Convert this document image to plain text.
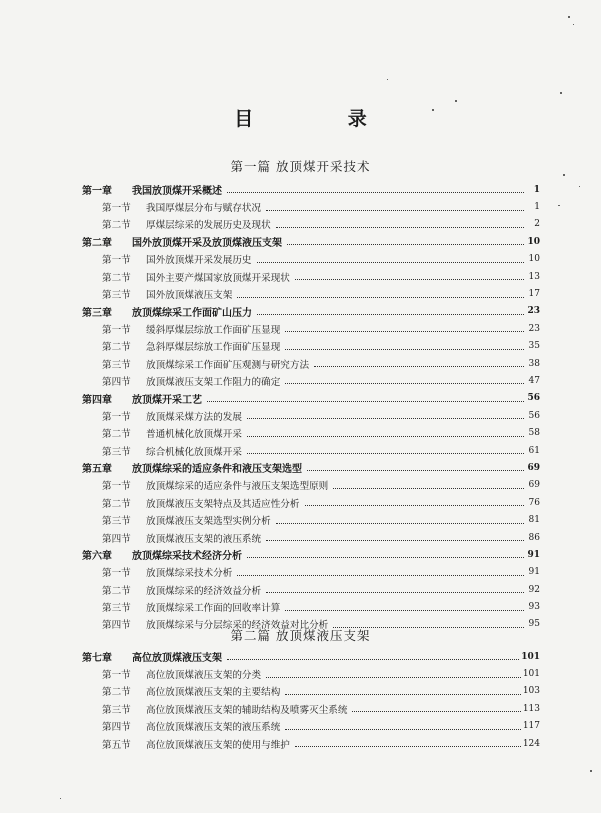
目 录
第一篇 放顶煤开采技术
第一章	我国放顶煤开采概述	1
第一节	我国厚煤层分布与赋存状况	1
第二节	厚煤层综采的发展历史及现状	2
第二章	国外放顶煤开采及放顶煤液压支架	10
第一节	国外放顶煤开采发展历史	10
第二节	国外主要产煤国家放顶煤开采现状	13
第三节	国外放顶煤液压支架	17
第三章	放顶煤综采工作面矿山压力	23
第一节	缓斜厚煤层综放工作面矿压显现	23
第二节	急斜厚煤层综放工作面矿压显现	35
第三节	放顶煤综采工作面矿压观测与研究方法	38
第四节	放顶煤液压支架工作阻力的确定	47
第四章	放顶煤开采工艺	56
第一节	放顶煤采煤方法的发展	56
第二节	普通机械化放顶煤开采	58
第三节	综合机械化放顶煤开采	61
第五章	放顶煤综采的适应条件和液压支架选型	69
第一节	放顶煤综采的适应条件与液压支架选型原则	69
第二节	放顶煤液压支架特点及其适应性分析	76
第三节	放顶煤液压支架选型实例分析	81
第四节	放顶煤液压支架的液压系统	86
第六章	放顶煤综采技术经济分析	91
第一节	放顶煤综采技术分析	91
第二节	放顶煤综采的经济效益分析	92
第三节	放顶煤综采工作面的回收率计算	93
第四节	放顶煤综采与分层综采的经济效益对比分析	95
第二篇 放顶煤液压支架
第七章	高位放顶煤液压支架	101
第一节	高位放顶煤液压支架的分类	101
第二节	高位放顶煤液压支架的主要结构	103
第三节	高位放顶煤液压支架的辅助结构及喷雾灭尘系统	113
第四节	高位放顶煤液压支架的液压系统	117
第五节	高位放顶煤液压支架的使用与维护	124
